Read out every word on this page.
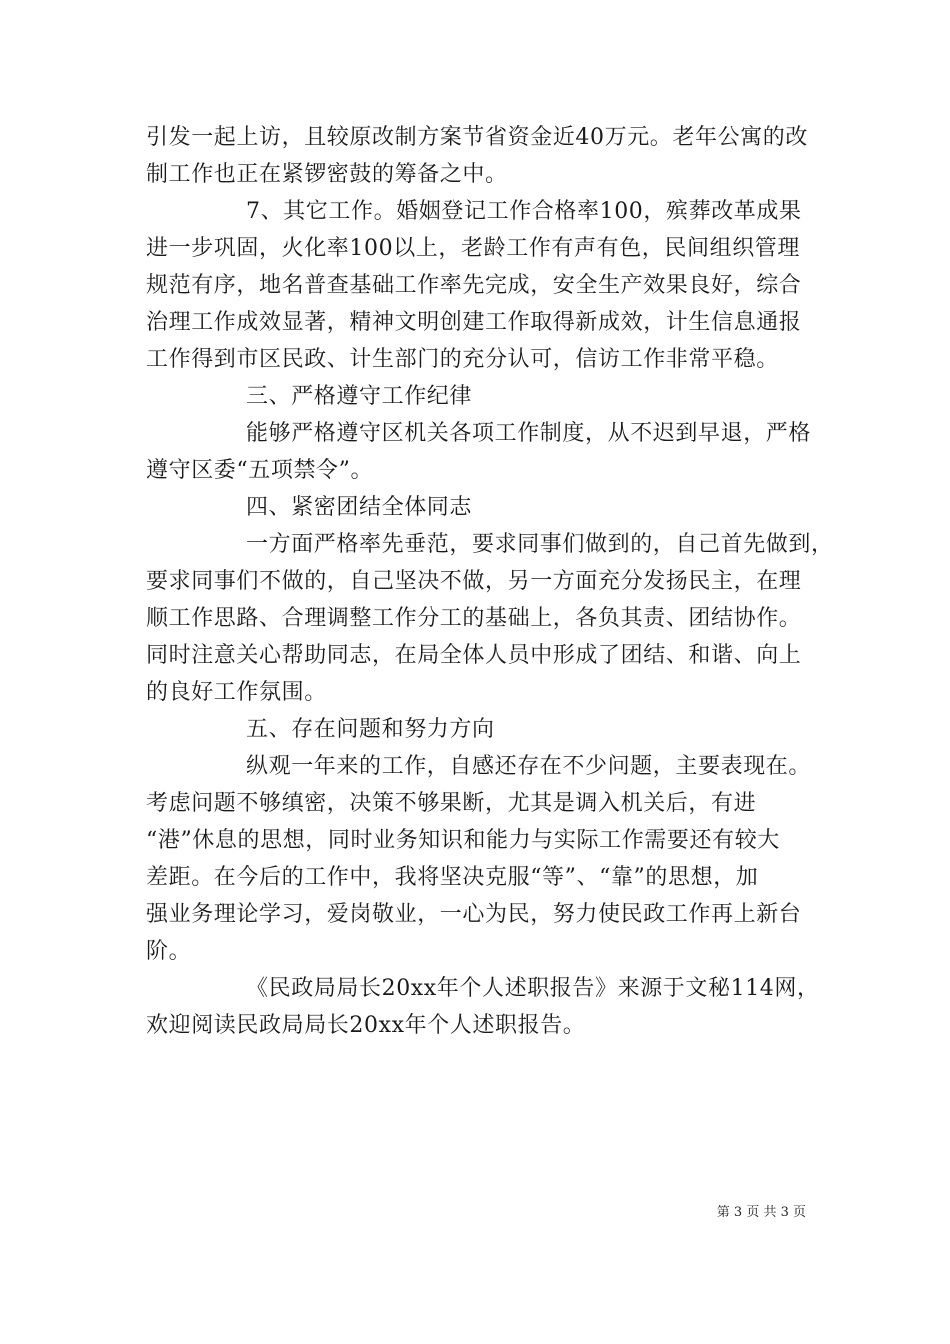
引发一起上访，且较原改制方案节省资金近40万元。老年公寓的改
制工作也正在紧锣密鼓的筹备之中。
7、其它工作。婚姻登记工作合格率100，殡葬改革成果
进一步巩固，火化率100以上，老龄工作有声有色，民间组织管理
规范有序，地名普查基础工作率先完成，安全生产效果良好，综合
治理工作成效显著，精神文明创建工作取得新成效，计生信息通报
工作得到市区民政、计生部门的充分认可，信访工作非常平稳。
三、严格遵守工作纪律
能够严格遵守区机关各项工作制度，从不迟到早退，严格
遵守区委“五项禁令”。
四、紧密团结全体同志
一方面严格率先垂范，要求同事们做到的，自己首先做到，
要求同事们不做的，自己坚决不做，另一方面充分发扬民主，在理
顺工作思路、合理调整工作分工的基础上，各负其责、团结协作。
同时注意关心帮助同志，在局全体人员中形成了团结、和谐、向上
的良好工作氛围。
五、存在问题和努力方向
纵观一年来的工作，自感还存在不少问题，主要表现在。
考虑问题不够缜密，决策不够果断，尤其是调入机关后，有进
“港”休息的思想，同时业务知识和能力与实际工作需要还有较大
差距。在今后的工作中，我将坚决克服“等”、“靠”的思想，加
强业务理论学习，爱岗敬业，一心为民，努力使民政工作再上新台
阶。
《民政局局长20xx年个人述职报告》来源于文秘114网，
欢迎阅读民政局局长20xx年个人述职报告。
第 3 页 共 3 页
